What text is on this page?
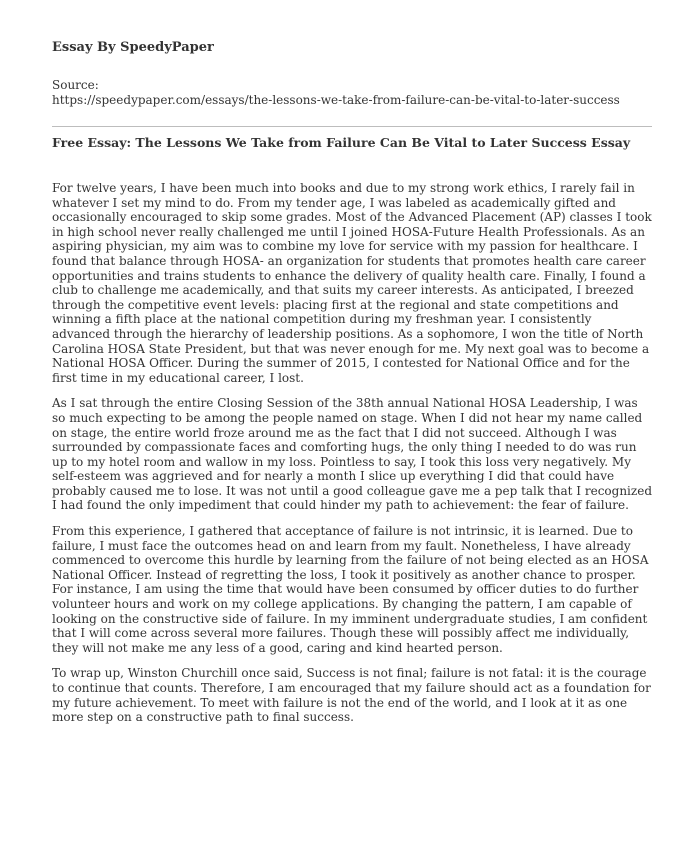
Essay By SpeedyPaper

Source:

https://speedypaper.com/essays/the-lessons-we-take-from-failure-can-be-vital-to-later-success

Free Essay: The Lessons We Take from Failure Can Be Vital to Later Success Essay

For twelve years, I have been much into books and due to my strong work ethics, I rarely fail in whatever I set my mind to do. From my tender age, I was labeled as academically gifted and occasionally encouraged to skip some grades. Most of the Advanced Placement (AP) classes I took in high school never really challenged me until I joined HOSA-Future Health Professionals. As an aspiring physician, my aim was to combine my love for service with my passion for healthcare. I found that balance through HOSA- an organization for students that promotes health care career opportunities and trains students to enhance the delivery of quality health care. Finally, I found a club to challenge me academically, and that suits my career interests. As anticipated, I breezed through the competitive event levels: placing first at the regional and state competitions and winning a fifth place at the national competition during my freshman year. I consistently advanced through the hierarchy of leadership positions. As a sophomore, I won the title of North Carolina HOSA State President, but that was never enough for me. My next goal was to become a National HOSA Officer. During the summer of 2015, I contested for National Office and for the first time in my educational career, I lost.

As I sat through the entire Closing Session of the 38th annual National HOSA Leadership, I was so much expecting to be among the people named on stage. When I did not hear my name called on stage, the entire world froze around me as the fact that I did not succeed. Although I was surrounded by compassionate faces and comforting hugs, the only thing I needed to do was run up to my hotel room and wallow in my loss. Pointless to say, I took this loss very negatively. My self-esteem was aggrieved and for nearly a month I slice up everything I did that could have probably caused me to lose. It was not until a good colleague gave me a pep talk that I recognized I had found the only impediment that could hinder my path to achievement: the fear of failure.

From this experience, I gathered that acceptance of failure is not intrinsic, it is learned. Due to failure, I must face the outcomes head on and learn from my fault. Nonetheless, I have already commenced to overcome this hurdle by learning from the failure of not being elected as an HOSA National Officer. Instead of regretting the loss, I took it positively as another chance to prosper. For instance, I am using the time that would have been consumed by officer duties to do further volunteer hours and work on my college applications. By changing the pattern, I am capable of looking on the constructive side of failure. In my imminent undergraduate studies, I am confident that I will come across several more failures. Though these will possibly affect me individually, they will not make me any less of a good, caring and kind hearted person.

To wrap up, Winston Churchill once said, Success is not final; failure is not fatal: it is the courage to continue that counts. Therefore, I am encouraged that my failure should act as a foundation for my future achievement. To meet with failure is not the end of the world, and I look at it as one more step on a constructive path to final success.
